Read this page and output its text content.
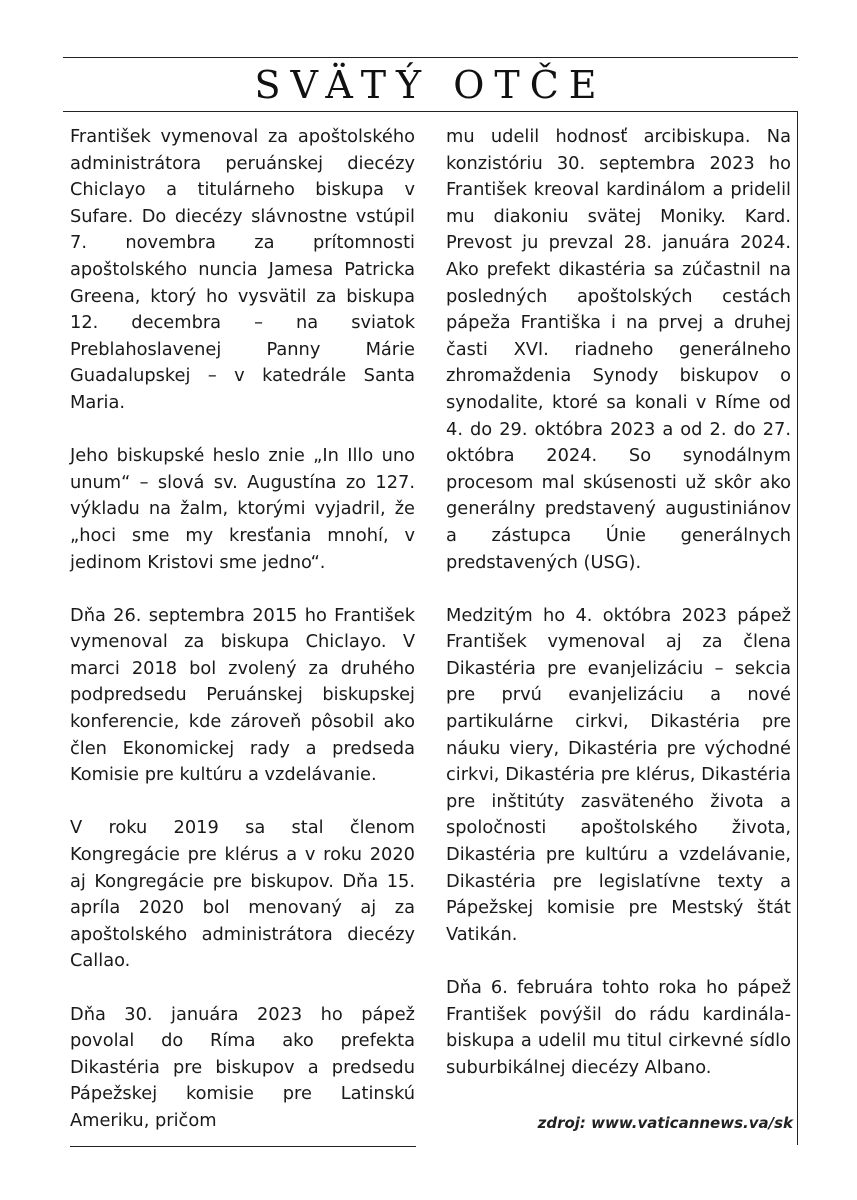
SVÄTÝ OTČE

František vymenoval za apoštolského administrátora peruánskej diecézy Chiclayo a titulárneho biskupa v Sufare. Do diecézy slávnostne vstúpil 7. novembra za prítomnosti apoštolského nuncia Jamesa Patricka Greena, ktorý ho vysvätil za biskupa 12. decembra – na sviatok Preblahoslavenej Panny Márie Guadalupskej – v katedrále Santa Maria.

Jeho biskupské heslo znie „In Illo uno unum“ – slová sv. Augustína zo 127. výkladu na žalm, ktorými vyjadril, že „hoci sme my kresťania mnohí, v jedinom Kristovi sme jedno“.

Dňa 26. septembra 2015 ho František vymenoval za biskupa Chiclayo. V marci 2018 bol zvolený za druhého podpredsedu Peruánskej biskupskej konferencie, kde zároveň pôsobil ako člen Ekonomickej rady a predseda Komisie pre kultúru a vzdelávanie.

V roku 2019 sa stal členom Kongregácie pre klérus a v roku 2020 aj Kongregácie pre biskupov. Dňa 15. apríla 2020 bol menovaný aj za apoštolského administrátora diecézy Callao.

Dňa 30. januára 2023 ho pápež povolal do Ríma ako prefekta Dikastéria pre biskupov a predsedu Pápežskej komisie pre Latinskú Ameriku, pričom

mu udelil hodnosť arcibiskupa. Na konzistóriu 30. septembra 2023 ho František kreoval kardinálom a pridelil mu diakoniu svätej Moniky. Kard. Prevost ju prevzal 28. januára 2024. Ako prefekt dikastéria sa zúčastnil na posledných apoštolských cestách pápeža Františka i na prvej a druhej časti XVI. riadneho generálneho zhromaždenia Synody biskupov o synodalite, ktoré sa konali v Ríme od 4. do 29. októbra 2023 a od 2. do 27. októbra 2024. So synodálnym procesom mal skúsenosti už skôr ako generálny predstavený augustiniánov a zástupca Únie generálnych predstavených (USG).

Medzitým ho 4. októbra 2023 pápež František vymenoval aj za člena Dikastéria pre evanjelizáciu – sekcia pre prvú evanjelizáciu a nové partikulárne cirkvi, Dikastéria pre náuku viery, Dikastéria pre východné cirkvi, Dikastéria pre klérus, Dikastéria pre inštitúty zasväteného života a spoločnosti apoštolského života, Dikastéria pre kultúru a vzdelávanie, Dikastéria pre legislatívne texty a Pápežskej komisie pre Mestský štát Vatikán.

Dňa 6. februára tohto roka ho pápež František povýšil do rádu kardinála-biskupa a udelil mu titul cirkevné sídlo suburbikálnej diecézy Albano.

zdroj: www.vaticannews.va/sk
